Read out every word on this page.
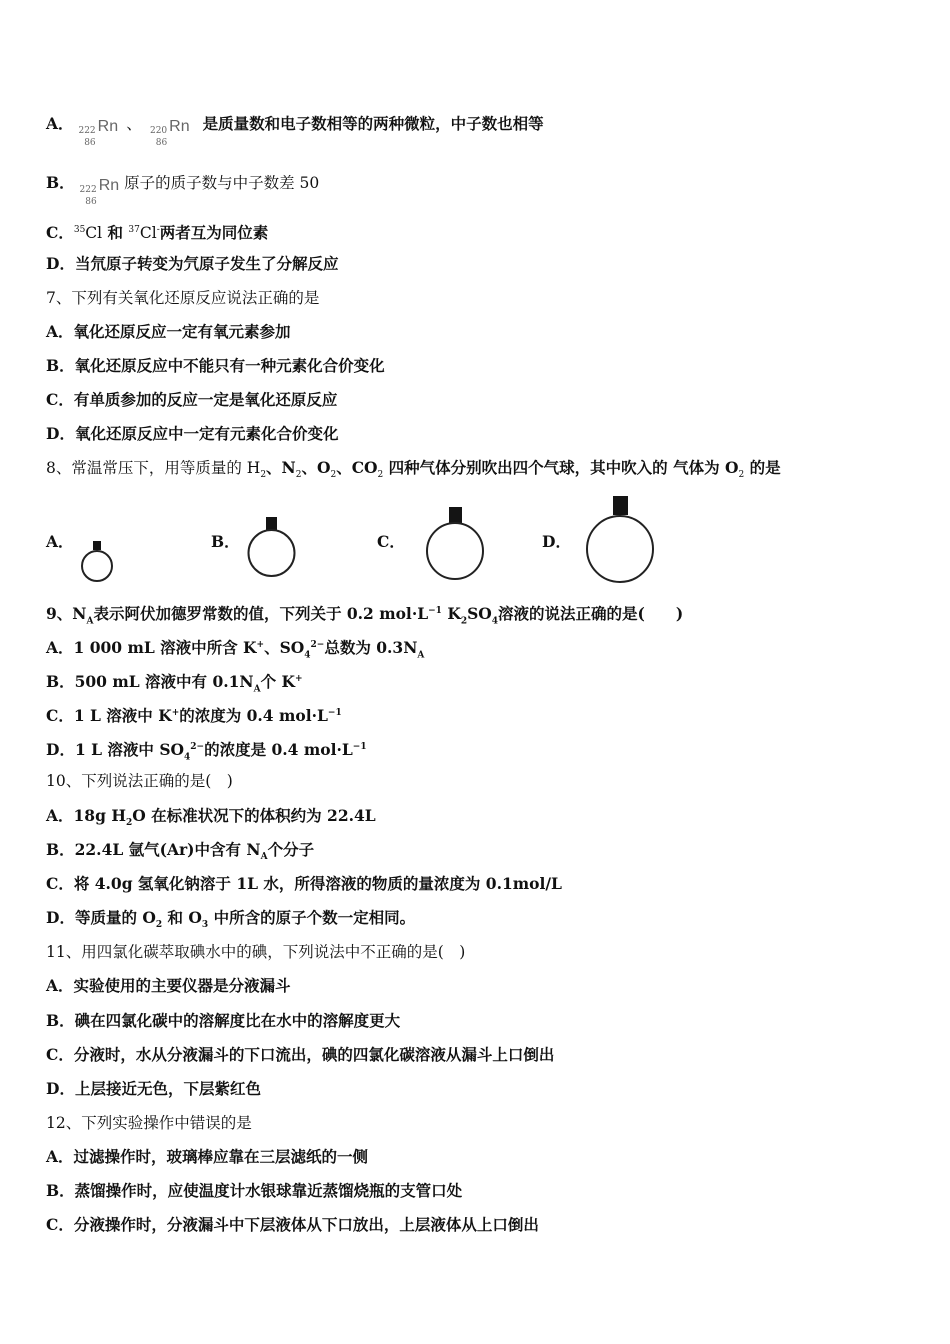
A． 222
86
Rn 、 220
86
Rn 是质量数和电子数相等的两种微粒，中子数也相等
B． 222
86
Rn 原子的质子数与中子数差 50
C．$^{35}$Cl 和 $^{37}$Cl-两者互为同位素
D．当氘原子转变为氕原子发生了分解反应
7、下列有关氧化还原反应说法正确的是
A．氧化还原反应一定有氧元素参加
B．氧化还原反应中不能只有一种元素化合价变化
C．有单质参加的反应一定是氧化还原反应
D．氧化还原反应中一定有元素化合价变化
8、常温常压下，用等质量的 $H_2$、$N_2$、$O_2$、$CO_2$ 四种气体分别吹出四个气球，其中吹入的 气体为 $O_2$ 的是
A．	B．	C．	D．
9、$N_A$表示阿伏加德罗常数的值，下列关于 0.2 $mol\cdot L^{-1}$ $K_2SO_4$溶液的说法正确的是(　　)
A．1 000 mL 溶液中所含 K+、$SO_4^{2-}$总数为 $0.3N_A$
B．500 mL 溶液中有 $0.1N_A$个 K+
C．1 L 溶液中 K+的浓度为 0.4 $mol\cdot L^{-1}$
D．1 L 溶液中 $SO_4^{2-}$的浓度是 0.4 $mol\cdot L^{-1}$
10、下列说法正确的是(　)
A．18g $H_2O$ 在标准状况下的体积约为 22.4L
B．22.4L 氩气(Ar)中含有 $N_A$个分子
C．将 4.0g 氢氧化钠溶于 1L 水，所得溶液的物质的量浓度为 0.1mol/L
D．等质量的 $O_2$ 和 $O_3$ 中所含的原子个数一定相同。
11、用四氯化碳萃取碘水中的碘，下列说法中不正确的是(　)
A．实验使用的主要仪器是分液漏斗
B．碘在四氯化碳中的溶解度比在水中的溶解度更大
C．分液时，水从分液漏斗的下口流出，碘的四氯化碳溶液从漏斗上口倒出
D．上层接近无色，下层紫红色
12、下列实验操作中错误的是
A．过滤操作时，玻璃棒应靠在三层滤纸的一侧
B．蒸馏操作时，应使温度计水银球靠近蒸馏烧瓶的支管口处
C．分液操作时，分液漏斗中下层液体从下口放出，上层液体从上口倒出
